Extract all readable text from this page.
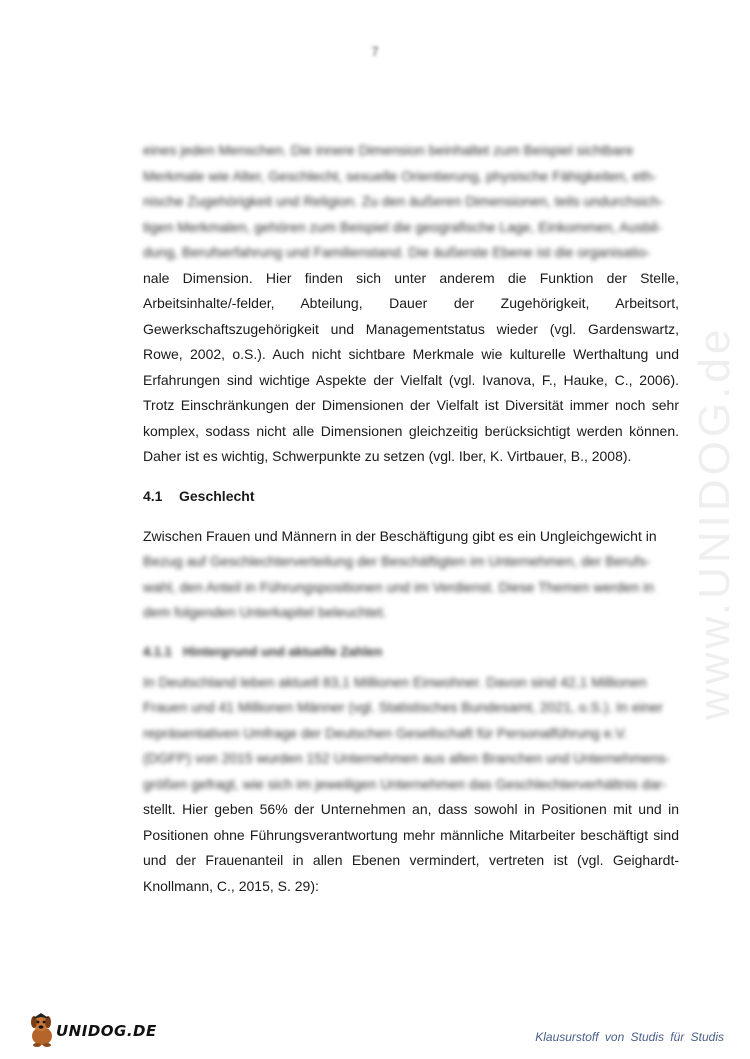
7
www.UNIDOG.de

eines jeden Menschen. Die innere Dimension beinhaltet zum Beispiel sichtbare
Merkmale wie Alter, Geschlecht, sexuelle Orientierung, physische Fähigkeiten, eth-
nische Zugehörigkeit und Religion. Zu den äußeren Dimensionen, teils undurchsich-
tigen Merkmalen, gehören zum Beispiel die geografische Lage, Einkommen, Ausbil-
dung, Berufserfahrung und Familienstand. Die äußerste Ebene ist die organisatio-
nale Dimension. Hier finden sich unter anderem die Funktion der Stelle, Arbeitsinhalte/-felder, Abteilung, Dauer der Zugehörigkeit, Arbeitsort, Gewerkschaftszugehörigkeit und Managementstatus wieder (vgl. Gardenswartz, Rowe, 2002, o.S.). Auch nicht sichtbare Merkmale wie kulturelle Werthaltung und Erfahrungen sind wichtige Aspekte der Vielfalt (vgl. Ivanova, F., Hauke, C., 2006). Trotz Einschränkungen der Dimensionen der Vielfalt ist Diversität immer noch sehr komplex, sodass nicht alle Dimensionen gleichzeitig berücksichtigt werden können. Daher ist es wichtig, Schwerpunkte zu setzen (vgl. Iber, K. Virtbauer, B., 2008).

4.1 Geschlecht

Zwischen Frauen und Männern in der Beschäftigung gibt es ein Ungleichgewicht in
Bezug auf Geschlechterverteilung der Beschäftigten im Unternehmen, der Berufs-
wahl, den Anteil in Führungspositionen und im Verdienst. Diese Themen werden in
dem folgenden Unterkapitel beleuchtet.

4.1.1 Hintergrund und aktuelle Zahlen

In Deutschland leben aktuell 83,1 Millionen Einwohner. Davon sind 42,1 Millionen
Frauen und 41 Millionen Männer (vgl. Statistisches Bundesamt, 2021, o.S.). In einer
repräsentativen Umfrage der Deutschen Gesellschaft für Personalführung e.V.
(DGFP) von 2015 wurden 152 Unternehmen aus allen Branchen und Unternehmens-
größen gefragt, wie sich im jeweiligen Unternehmen das Geschlechterverhältnis dar-
stellt. Hier geben 56% der Unternehmen an, dass sowohl in Positionen mit und in Positionen ohne Führungsverantwortung mehr männliche Mitarbeiter beschäftigt sind und der Frauenanteil in allen Ebenen vermindert, vertreten ist (vgl. Geighardt-Knollmann, C., 2015, S. 29):

UNIDOG.DE	Klausurstoff von Studis für Studis
